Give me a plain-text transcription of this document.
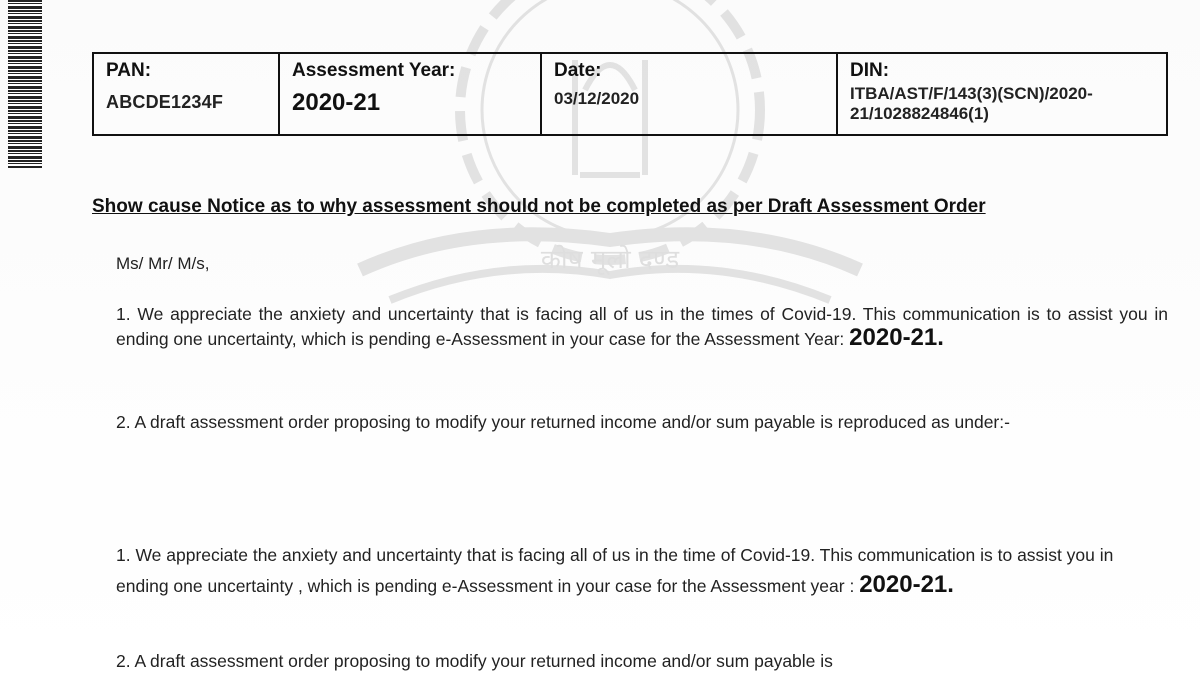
कोष मूलो दण्ड
PAN:
ABCDE1234F
Assessment Year:
2020-21
Date:
03/12/2020
DIN:
ITBA/AST/F/143(3)(SCN)/2020-21/1028824846(1)
Show cause Notice as to why assessment should not be completed as per Draft Assessment Order
Ms/ Mr/ M/s,
1. We appreciate the anxiety and uncertainty that is facing all of us in the times of Covid-19. This communication is to assist you in ending one uncertainty, which is pending e-Assessment in your case for the Assessment Year: 2020-21.
2. A draft assessment order proposing to modify your returned income and/or sum payable is reproduced as under:-
1. We appreciate the anxiety and uncertainty that is facing all of us in the time of Covid-19. This communication is to assist you in ending one uncertainty , which is pending e-Assessment in your case for the Assessment year : 2020-21.
2. A draft assessment order proposing to modify your returned income and/or sum payable is
